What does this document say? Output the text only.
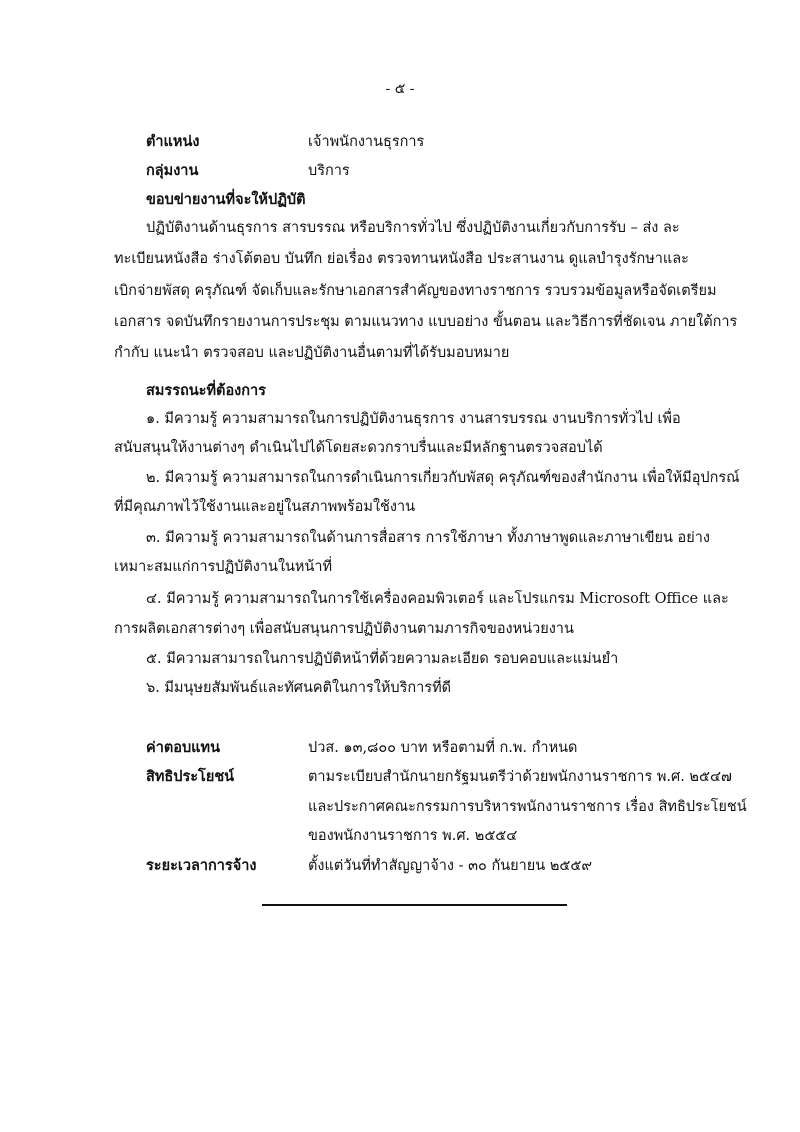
- ๕ -
ตำแหน่ง	เจ้าพนักงานธุรการ
กลุ่มงาน	บริการ
ขอบข่ายงานที่จะให้ปฏิบัติ
ปฏิบัติงานด้านธุรการ สารบรรณ หรือบริการทั่วไป ซึ่งปฏิบัติงานเกี่ยวกับการรับ – ส่ง ละ
ทะเบียนหนังสือ ร่างโต้ตอบ บันทึก ย่อเรื่อง ตรวจทานหนังสือ ประสานงาน ดูแลบำรุงรักษาและ
เบิกจ่ายพัสดุ ครุภัณฑ์ จัดเก็บและรักษาเอกสารสำคัญของทางราชการ รวบรวมข้อมูลหรือจัดเตรียม
เอกสาร จดบันทึกรายงานการประชุม ตามแนวทาง แบบอย่าง ขั้นตอน และวิธีการที่ชัดเจน ภายใต้การ
กำกับ แนะนำ ตรวจสอบ และปฏิบัติงานอื่นตามที่ได้รับมอบหมาย
สมรรถนะที่ต้องการ
๑. มีความรู้ ความสามารถในการปฏิบัติงานธุรการ งานสารบรรณ งานบริการทั่วไป เพื่อ
สนับสนุนให้งานต่างๆ ดำเนินไปได้โดยสะดวกราบรื่นและมีหลักฐานตรวจสอบได้
๒. มีความรู้ ความสามารถในการดำเนินการเกี่ยวกับพัสดุ ครุภัณฑ์ของสำนักงาน เพื่อให้มีอุปกรณ์
ที่มีคุณภาพไว้ใช้งานและอยู่ในสภาพพร้อมใช้งาน
๓. มีความรู้ ความสามารถในด้านการสื่อสาร การใช้ภาษา ทั้งภาษาพูดและภาษาเขียน อย่าง
เหมาะสมแก่การปฏิบัติงานในหน้าที่
๔. มีความรู้ ความสามารถในการใช้เครื่องคอมพิวเตอร์ และโปรแกรม Microsoft Office และ
การผลิตเอกสารต่างๆ เพื่อสนับสนุนการปฏิบัติงานตามภารกิจของหน่วยงาน
๕. มีความสามารถในการปฏิบัติหน้าที่ด้วยความละเอียด รอบคอบและแม่นยำ
๖. มีมนุษยสัมพันธ์และทัศนคติในการให้บริการที่ดี
ค่าตอบแทน	ปวส. ๑๓,๘๐๐ บาท หรือตามที่ ก.พ. กำหนด
สิทธิประโยชน์	ตามระเบียบสำนักนายกรัฐมนตรีว่าด้วยพนักงานราชการ พ.ศ. ๒๕๔๗
และประกาศคณะกรรมการบริหารพนักงานราชการ เรื่อง สิทธิประโยชน์
ของพนักงานราชการ พ.ศ. ๒๕๕๔
ระยะเวลาการจ้าง	ตั้งแต่วันที่ทำสัญญาจ้าง - ๓๐ กันยายน ๒๕๕๙
